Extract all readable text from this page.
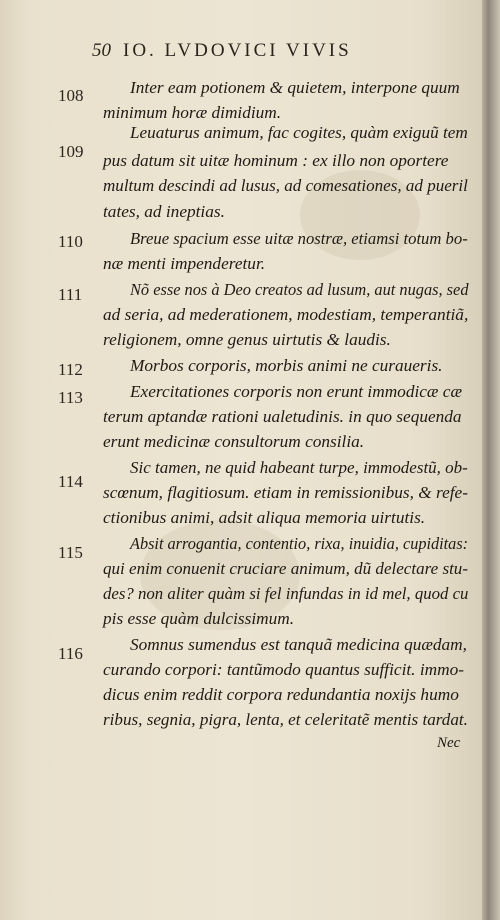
50 IO. LVDOVICI VIVIS
108	Inter eam potionem & quietem, interpone quum
minimum horæ dimidium.
109
Leuaturus animum, fac cogites, quàm exiguũ tem
pus datum sit uitæ hominum : ex illo non oportere
multum descindi ad lusus, ad comesationes, ad pueril
tates, ad ineptias.
110	Breue spacium esse uitæ nostræ, etiamsi totum bo-
næ menti impenderetur.
111	Nõ esse nos à Deo creatos ad lusum, aut nugas, sed
ad seria, ad mederationem, modestiam, temperantiã,
religionem, omne genus uirtutis & laudis.
112	Morbos corporis, morbis animi ne curaueris.
113	Exercitationes corporis non erunt immodicæ cæ
terum aptandæ rationi ualetudinis. in quo sequenda
erunt medicinæ consultorum consilia.
114
Sic tamen, ne quid habeant turpe, immodestũ, ob-
scœnum, flagitiosum. etiam in remissionibus, & refe-
ctionibus animi, adsit aliqua memoria uirtutis.
115	Absit arrogantia, contentio, rixa, inuidia, cupiditas:
qui enim conuenit cruciare animum, dũ delectare stu-
des? non aliter quàm si fel infundas in id mel, quod cu
pis esse quàm dulcissimum.
116	Somnus sumendus est tanquã medicina quædam,
curando corpori: tantũmodo quantus sufficit. immo-
dicus enim reddit corpora redundantia noxijs humo
ribus, segnia, pigra, lenta, et celeritatẽ mentis tardat.
Nec
